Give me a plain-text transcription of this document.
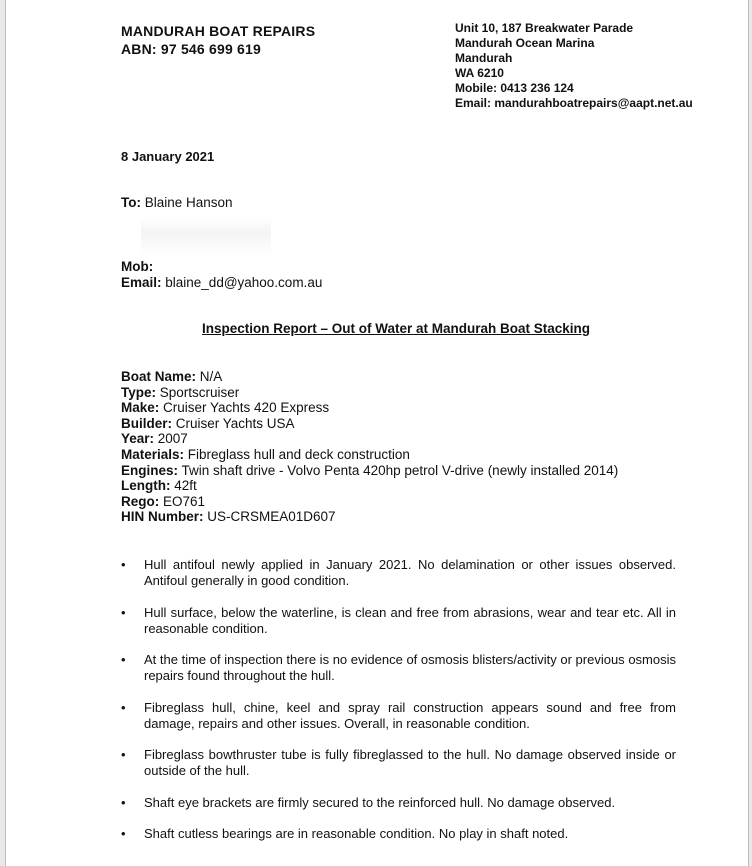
MANDURAH BOAT REPAIRS
ABN: 97 546 699 619
Unit 10, 187 Breakwater Parade
Mandurah Ocean Marina
Mandurah
WA 6210
Mobile: 0413 236 124
Email: mandurahboatrepairs@aapt.net.au
8 January 2021
To: Blaine Hanson
Mob:
Email: blaine_dd@yahoo.com.au
Inspection Report – Out of Water at Mandurah Boat Stacking
Boat Name: N/A
Type: Sportscruiser
Make: Cruiser Yachts 420 Express
Builder: Cruiser Yachts USA
Year: 2007
Materials: Fibreglass hull and deck construction
Engines: Twin shaft drive - Volvo Penta 420hp petrol V-drive (newly installed 2014)
Length: 42ft
Rego: EO761
HIN Number: US-CRSMEA01D607
• Hull antifoul newly applied in January 2021. No delamination or other issues observed. Antifoul generally in good condition.
• Hull surface, below the waterline, is clean and free from abrasions, wear and tear etc. All in reasonable condition.
• At the time of inspection there is no evidence of osmosis blisters/activity or previous osmosis repairs found throughout the hull.
• Fibreglass hull, chine, keel and spray rail construction appears sound and free from damage, repairs and other issues. Overall, in reasonable condition.
• Fibreglass bowthruster tube is fully fibreglassed to the hull. No damage observed inside or outside of the hull.
• Shaft eye brackets are firmly secured to the reinforced hull. No damage observed.
• Shaft cutless bearings are in reasonable condition. No play in shaft noted.
